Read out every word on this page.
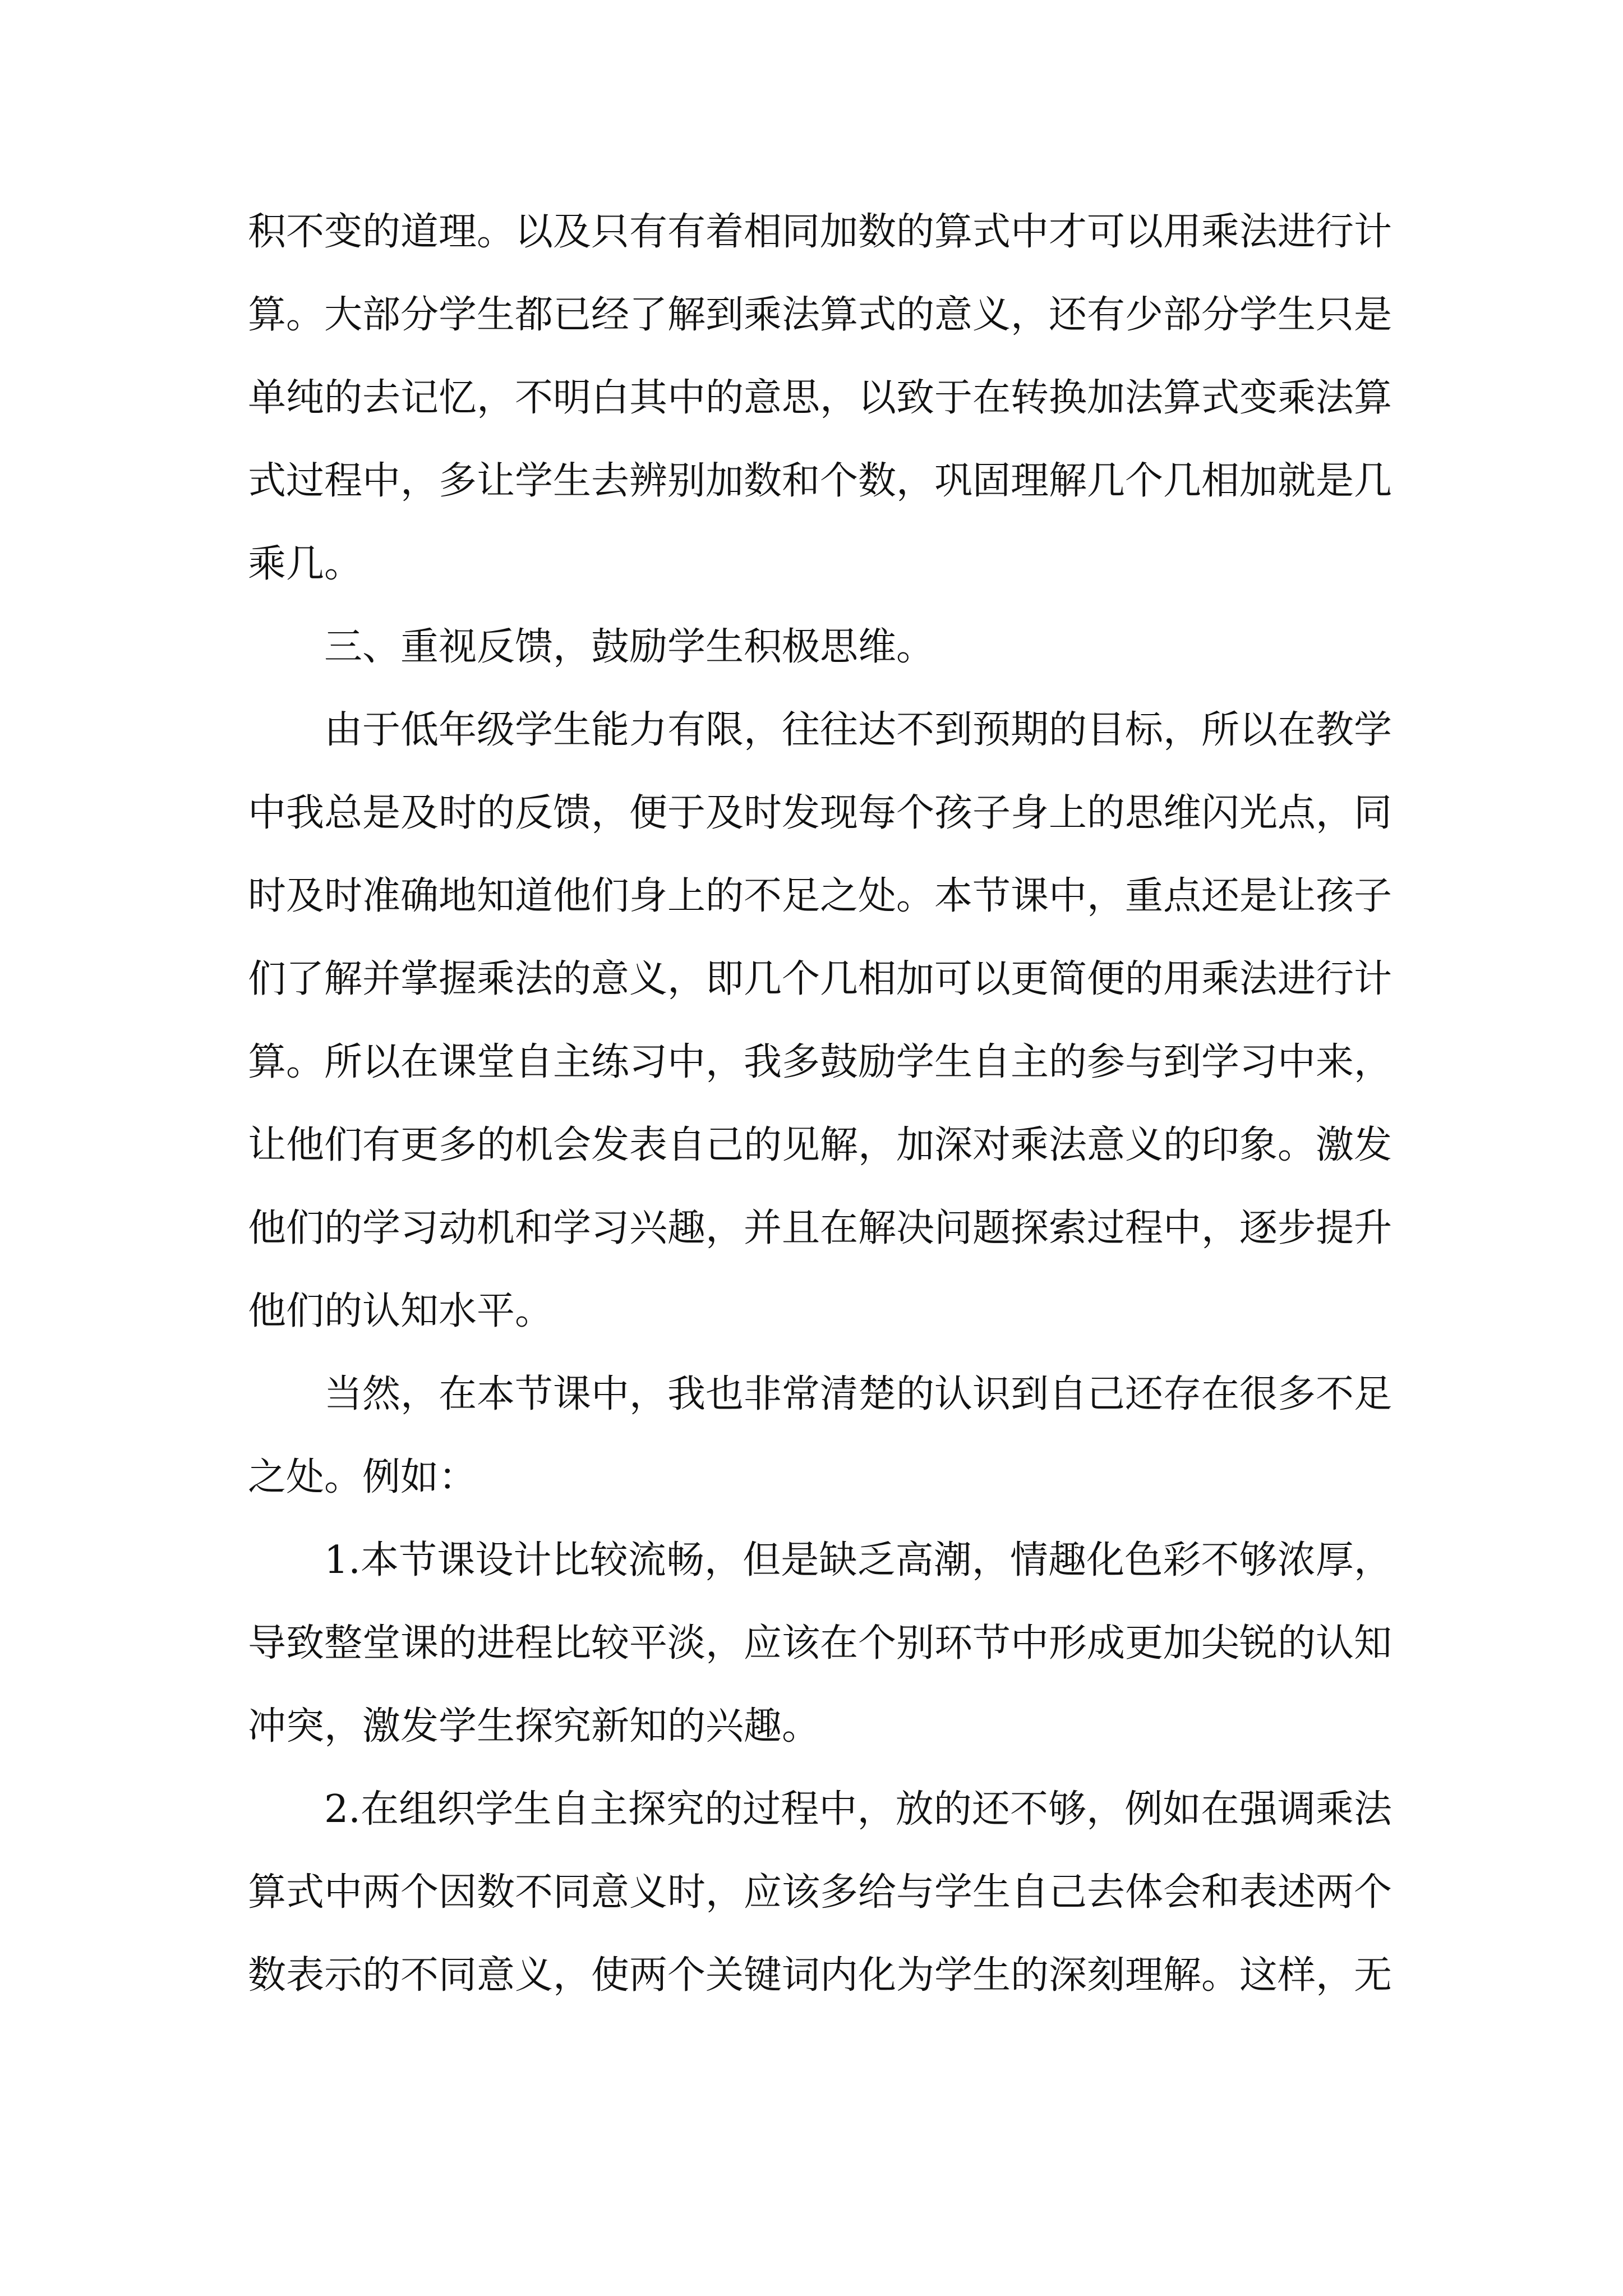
积不变的道理。以及只有有着相同加数的算式中才可以用乘法进行计算。大部分学生都已经了解到乘法算式的意义，还有少部分学生只是单纯的去记忆，不明白其中的意思，以致于在转换加法算式变乘法算式过程中，多让学生去辨别加数和个数，巩固理解几个几相加就是几乘几。

三、重视反馈，鼓励学生积极思维。

由于低年级学生能力有限，往往达不到预期的目标，所以在教学中我总是及时的反馈，便于及时发现每个孩子身上的思维闪光点，同时及时准确地知道他们身上的不足之处。本节课中，重点还是让孩子们了解并掌握乘法的意义，即几个几相加可以更简便的用乘法进行计算。所以在课堂自主练习中，我多鼓励学生自主的参与到学习中来，让他们有更多的机会发表自己的见解，加深对乘法意义的印象。激发他们的学习动机和学习兴趣，并且在解决问题探索过程中，逐步提升他们的认知水平。

当然，在本节课中，我也非常清楚的认识到自己还存在很多不足之处。例如：

1.本节课设计比较流畅，但是缺乏高潮，情趣化色彩不够浓厚，导致整堂课的进程比较平淡，应该在个别环节中形成更加尖锐的认知冲突，激发学生探究新知的兴趣。

2.在组织学生自主探究的过程中，放的还不够，例如在强调乘法算式中两个因数不同意义时，应该多给与学生自己去体会和表述两个数表示的不同意义，使两个关键词内化为学生的深刻理解。这样，无
